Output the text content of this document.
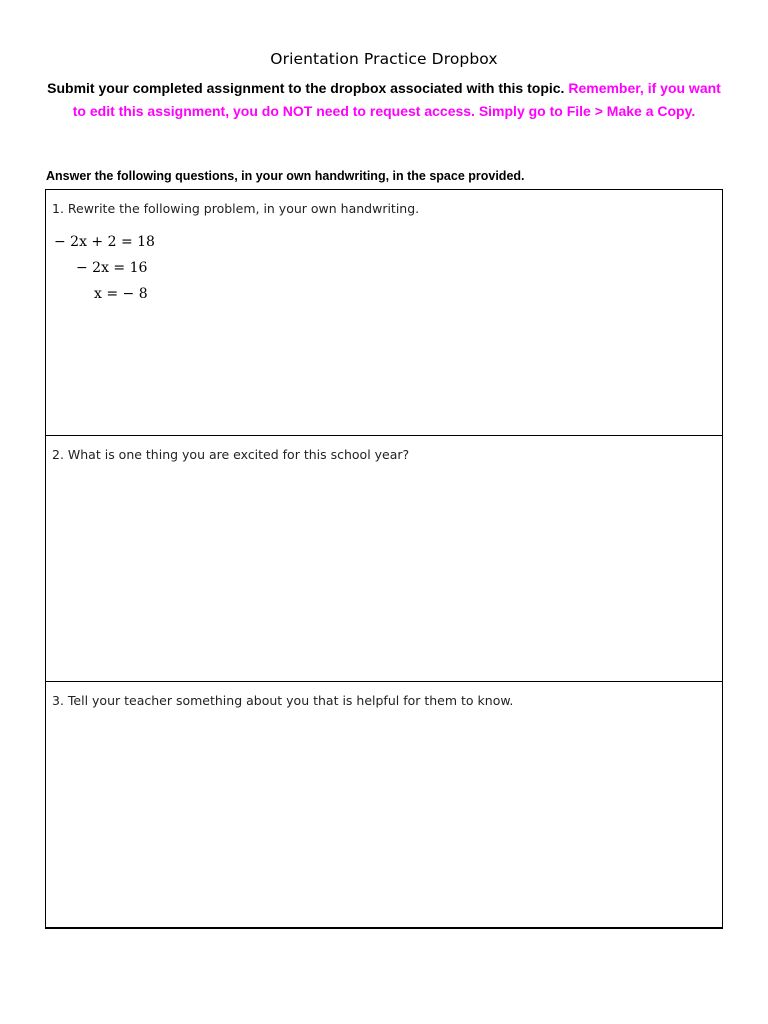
Orientation Practice Dropbox
Submit your completed assignment to the dropbox associated with this topic. Remember, if you want to edit this assignment, you do NOT need to request access. Simply go to File > Make a Copy.
Answer the following questions, in your own handwriting, in the space provided.
1. Rewrite the following problem, in your own handwriting.
− 2x + 2 = 18
− 2x = 16
x = − 8

2. What is one thing you are excited for this school year?

3. Tell your teacher something about you that is helpful for them to know.
